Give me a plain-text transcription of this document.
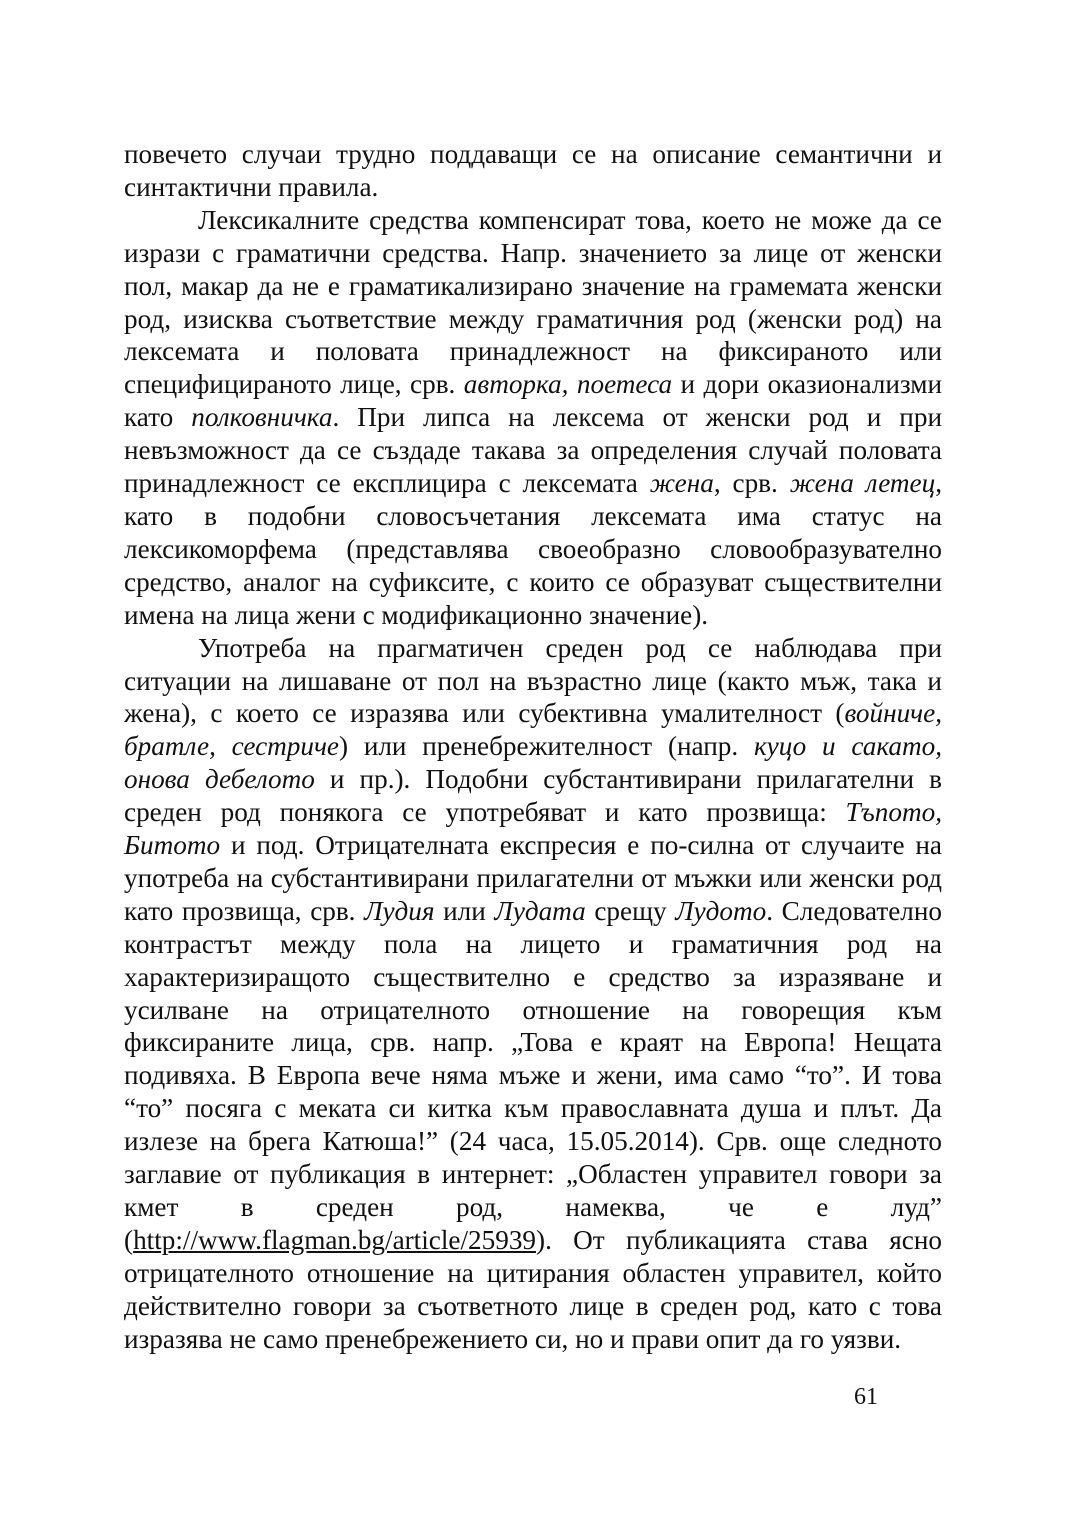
повечето случаи трудно поддаващи се на описание семантични и синтактични правила.

Лексикалните средства компенсират това, което не може да се изрази с граматични средства. Напр. значението за лице от женски пол, макар да не е граматикализирано значение на грамемата женски род, изисква съответствие между граматичния род (женски род) на лексемата и половата принадлежност на фиксираното или специфицираното лице, срв. авторка, поетеса и дори оказионализми като полковничка. При липса на лексема от женски род и при невъзможност да се създаде такава за определения случай половата принадлежност се експлицира с лексемата жена, срв. жена летец, като в подобни словосъчетания лексемата има статус на лексикоморфема (представлява своеобразно словообразувателно средство, аналог на суфиксите, с които се образуват съществителни имена на лица жени с модификационно значение).

Употреба на прагматичен среден род се наблюдава при ситуации на лишаване от пол на възрастно лице (както мъж, така и жена), с което се изразява или субективна умалителност (войниче, братле, сестриче) или пренебрежителност (напр. куцо и сакато, онова дебелото и пр.). Подобни субстантивирани прилагателни в среден род понякога се употребяват и като прозвища: Тъпото, Битото и под. Отрицателната експресия е по-силна от случаите на употреба на субстантивирани прилагателни от мъжки или женски род като прозвища, срв. Лудия или Лудата срещу Лудото. Следователно контрастът между пола на лицето и граматичния род на характеризиращото съществително е средство за изразяване и усилване на отрицателното отношение на говорещия към фиксираните лица, срв. напр. „Това е краят на Европа! Нещата подивяха. В Европа вече няма мъже и жени, има само “то”. И това “то” посяга с меката си китка към православната душа и плът. Да излезе на брега Катюша!” (24 часа, 15.05.2014). Срв. още следното заглавие от публикация в интернет: „Областен управител говори за кмет в среден род, намеква, че е луд” (http://www.flagman.bg/article/25939). От публикацията става ясно отрицателното отношение на цитирания областен управител, който действително говори за съответното лице в среден род, като с това изразява не само пренебрежението си, но и прави опит да го уязви.

61
